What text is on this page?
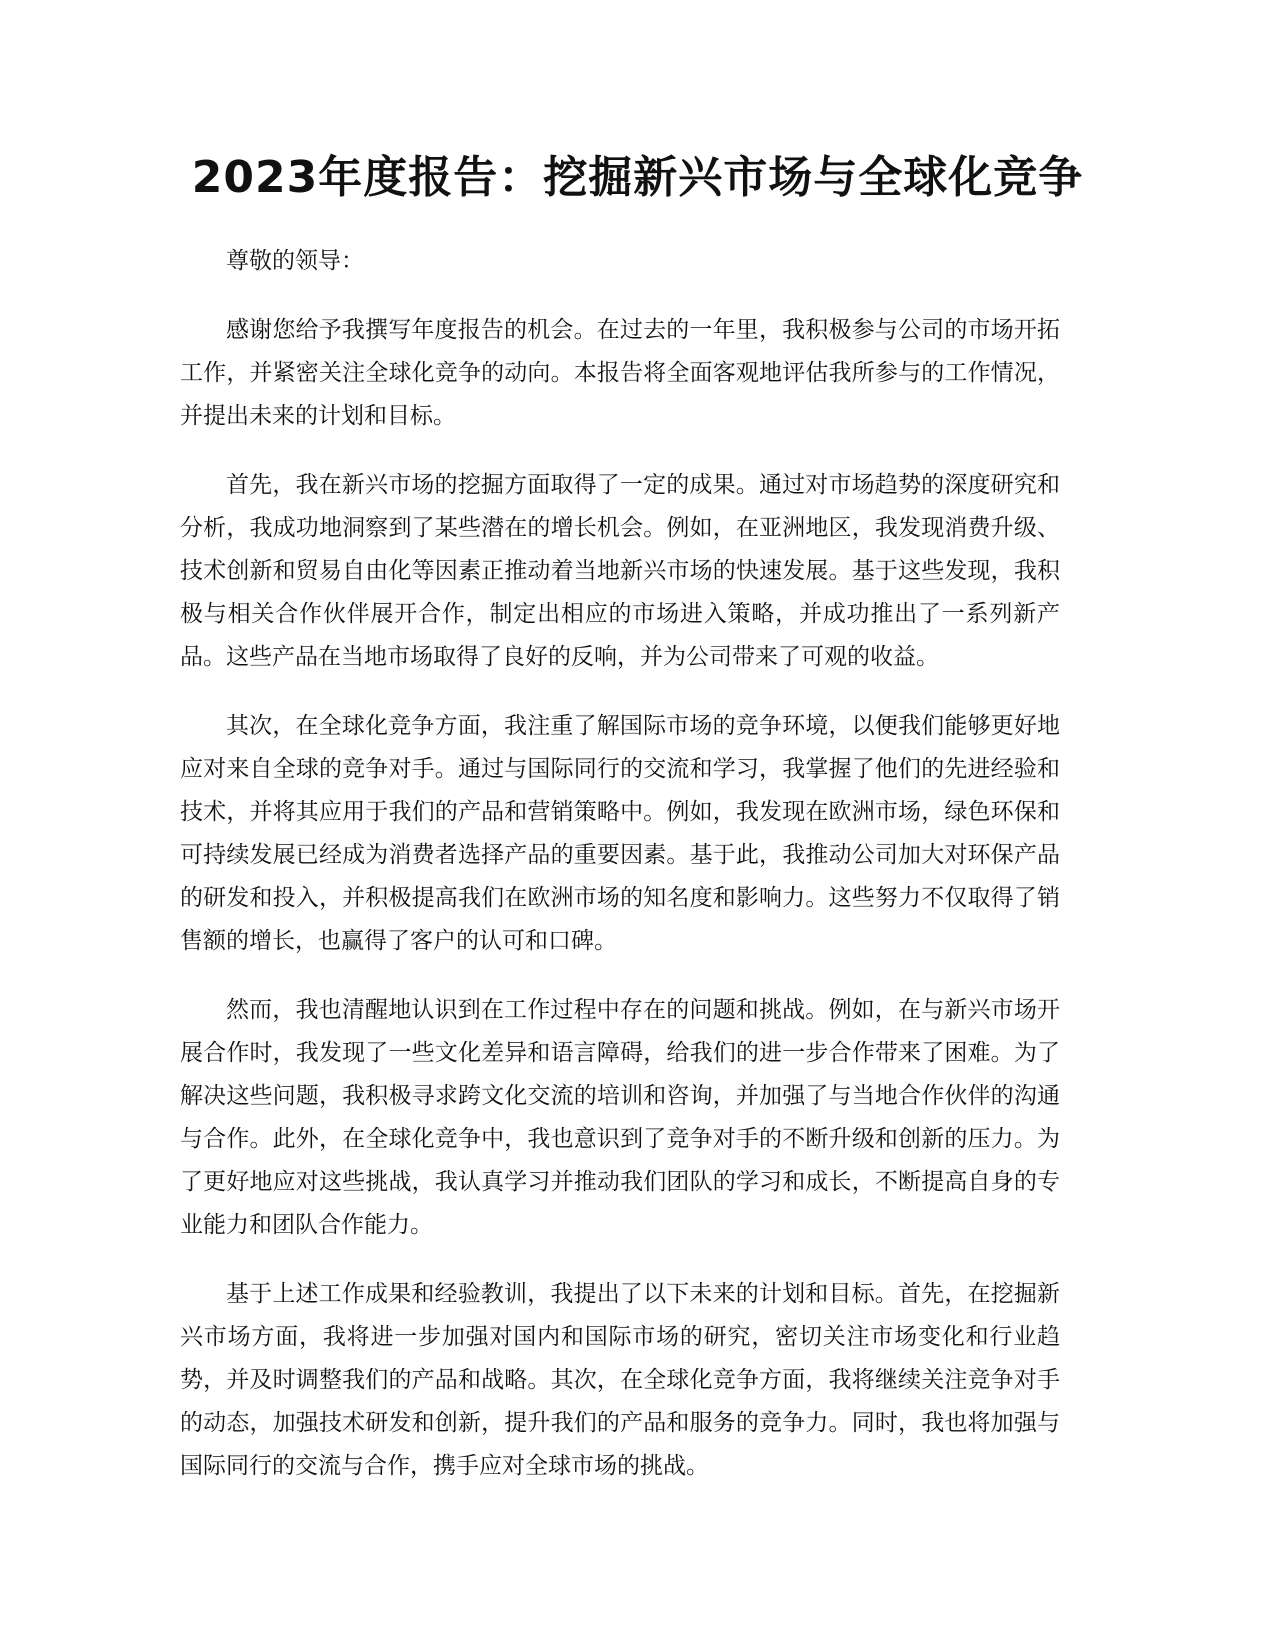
2023年度报告：挖掘新兴市场与全球化竞争

尊敬的领导：

感谢您给予我撰写年度报告的机会。在过去的一年里，我积极参与公司的市场开拓工作，并紧密关注全球化竞争的动向。本报告将全面客观地评估我所参与的工作情况，并提出未来的计划和目标。

首先，我在新兴市场的挖掘方面取得了一定的成果。通过对市场趋势的深度研究和分析，我成功地洞察到了某些潜在的增长机会。例如，在亚洲地区，我发现消费升级、技术创新和贸易自由化等因素正推动着当地新兴市场的快速发展。基于这些发现，我积极与相关合作伙伴展开合作，制定出相应的市场进入策略，并成功推出了一系列新产品。这些产品在当地市场取得了良好的反响，并为公司带来了可观的收益。

其次，在全球化竞争方面，我注重了解国际市场的竞争环境，以便我们能够更好地应对来自全球的竞争对手。通过与国际同行的交流和学习，我掌握了他们的先进经验和技术，并将其应用于我们的产品和营销策略中。例如，我发现在欧洲市场，绿色环保和可持续发展已经成为消费者选择产品的重要因素。基于此，我推动公司加大对环保产品的研发和投入，并积极提高我们在欧洲市场的知名度和影响力。这些努力不仅取得了销售额的增长，也赢得了客户的认可和口碑。

然而，我也清醒地认识到在工作过程中存在的问题和挑战。例如，在与新兴市场开展合作时，我发现了一些文化差异和语言障碍，给我们的进一步合作带来了困难。为了解决这些问题，我积极寻求跨文化交流的培训和咨询，并加强了与当地合作伙伴的沟通与合作。此外，在全球化竞争中，我也意识到了竞争对手的不断升级和创新的压力。为了更好地应对这些挑战，我认真学习并推动我们团队的学习和成长，不断提高自身的专业能力和团队合作能力。

基于上述工作成果和经验教训，我提出了以下未来的计划和目标。首先，在挖掘新兴市场方面，我将进一步加强对国内和国际市场的研究，密切关注市场变化和行业趋势，并及时调整我们的产品和战略。其次，在全球化竞争方面，我将继续关注竞争对手的动态，加强技术研发和创新，提升我们的产品和服务的竞争力。同时，我也将加强与国际同行的交流与合作，携手应对全球市场的挑战。
